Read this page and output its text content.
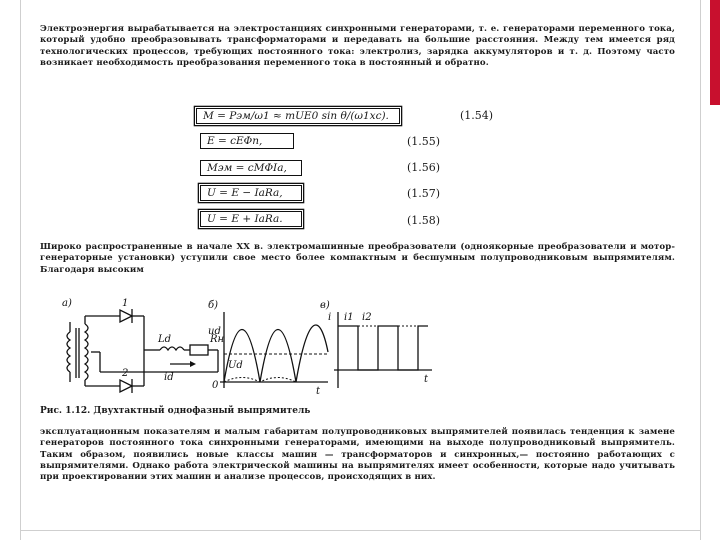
Электроэнергия вырабатывается на электростанциях синхронными генераторами, т. е. генераторами переменного тока, который удобно преобразовывать трансформаторами и передавать на большие расстояния. Между тем имеется ряд технологических процессов, требующих постоянного тока: электролиз, зарядка аккумуляторов и т. д. Поэтому часто возникает необходимость преобразования переменного тока в постоянный и обратно.
M = Pэм/ω1 ≈ mUE0 sin θ/(ω1xc).	(1.54)
E = cEΦn,	(1.55)
Mэм = cMΦIa,	(1.56)
U = E − IaRa,	(1.57)
U = E + IaRa.	(1.58)
Широко распространенные в начале XX в. электромашинные преобразователи (одноякорные преобразователи и мотор-генераторные установки) уступили свое место более компактным и бесшумным полупроводниковым выпрямителям. Благодаря высоким
а)	1
2
Ld	Rн
id
б)
ud
Ud
0
t
в)
i i1 i2
t
Рис. 1.12. Двухтактный однофазный выпрямитель
эксплуатационным показателям и малым габаритам полупроводниковых выпрямителей появилась тенденция к замене генераторов постоянного тока синхронными генераторами, имеющими на выходе полупроводниковый выпрямитель. Таким образом, появились новые классы машин — трансформаторов и синхронных,— постоянно работающих с выпрямителями. Однако работа электрической машины на выпрямителях имеет особенности, которые надо учитывать при проектировании этих машин и анализе процессов, происходящих в них.
